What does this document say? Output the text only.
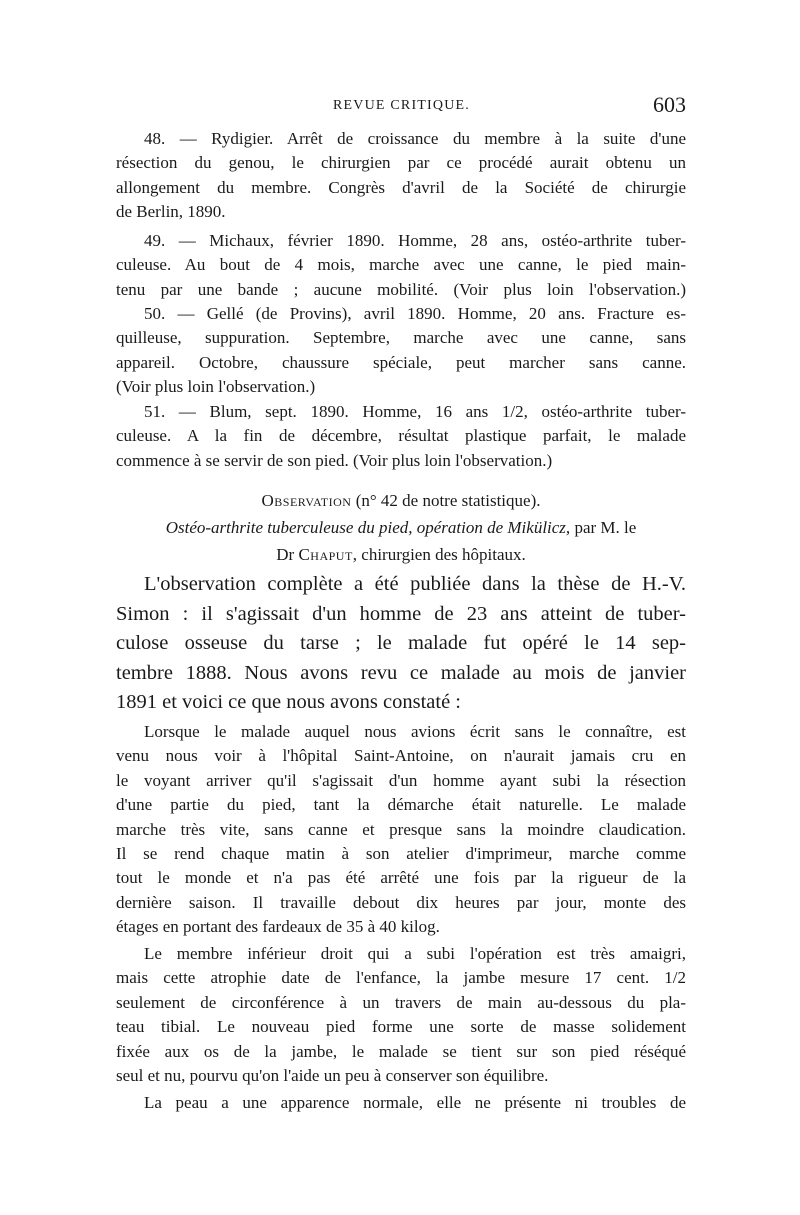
REVUE CRITIQUE.	603

48. — Rydigier. Arrêt de croissance du membre à la suite d'une
résection du genou, le chirurgien par ce procédé aurait obtenu un
allongement du membre. Congrès d'avril de la Société de chirurgie
de Berlin, 1890.

49. — Michaux, février 1890. Homme, 28 ans, ostéo-arthrite tuber-
culeuse. Au bout de 4 mois, marche avec une canne, le pied main-
tenu par une bande ; aucune mobilité. (Voir plus loin l'observation.)

50. — Gellé (de Provins), avril 1890. Homme, 20 ans. Fracture es-
quilleuse, suppuration. Septembre, marche avec une canne, sans
appareil. Octobre, chaussure spéciale, peut marcher sans canne.
(Voir plus loin l'observation.)

51. — Blum, sept. 1890. Homme, 16 ans 1/2, ostéo-arthrite tuber-
culeuse. A la fin de décembre, résultat plastique parfait, le malade
commence à se servir de son pied. (Voir plus loin l'observation.)

Observation (n° 42 de notre statistique).
Ostéo-arthrite tuberculeuse du pied, opération de Mikülicz, par M. le
Dr Chaput, chirurgien des hôpitaux.

L'observation complète a été publiée dans la thèse de H.-V.
Simon : il s'agissait d'un homme de 23 ans atteint de tuber-
culose osseuse du tarse ; le malade fut opéré le 14 sep-
tembre 1888. Nous avons revu ce malade au mois de janvier
1891 et voici ce que nous avons constaté :

Lorsque le malade auquel nous avions écrit sans le connaître, est
venu nous voir à l'hôpital Saint-Antoine, on n'aurait jamais cru en
le voyant arriver qu'il s'agissait d'un homme ayant subi la résection
d'une partie du pied, tant la démarche était naturelle. Le malade
marche très vite, sans canne et presque sans la moindre claudication.
Il se rend chaque matin à son atelier d'imprimeur, marche comme
tout le monde et n'a pas été arrêté une fois par la rigueur de la
dernière saison. Il travaille debout dix heures par jour, monte des
étages en portant des fardeaux de 35 à 40 kilog.

Le membre inférieur droit qui a subi l'opération est très amaigri,
mais cette atrophie date de l'enfance, la jambe mesure 17 cent. 1/2
seulement de circonférence à un travers de main au-dessous du pla-
teau tibial. Le nouveau pied forme une sorte de masse solidement
fixée aux os de la jambe, le malade se tient sur son pied réséqué
seul et nu, pourvu qu'on l'aide un peu à conserver son équilibre.

La peau a une apparence normale, elle ne présente ni troubles de
